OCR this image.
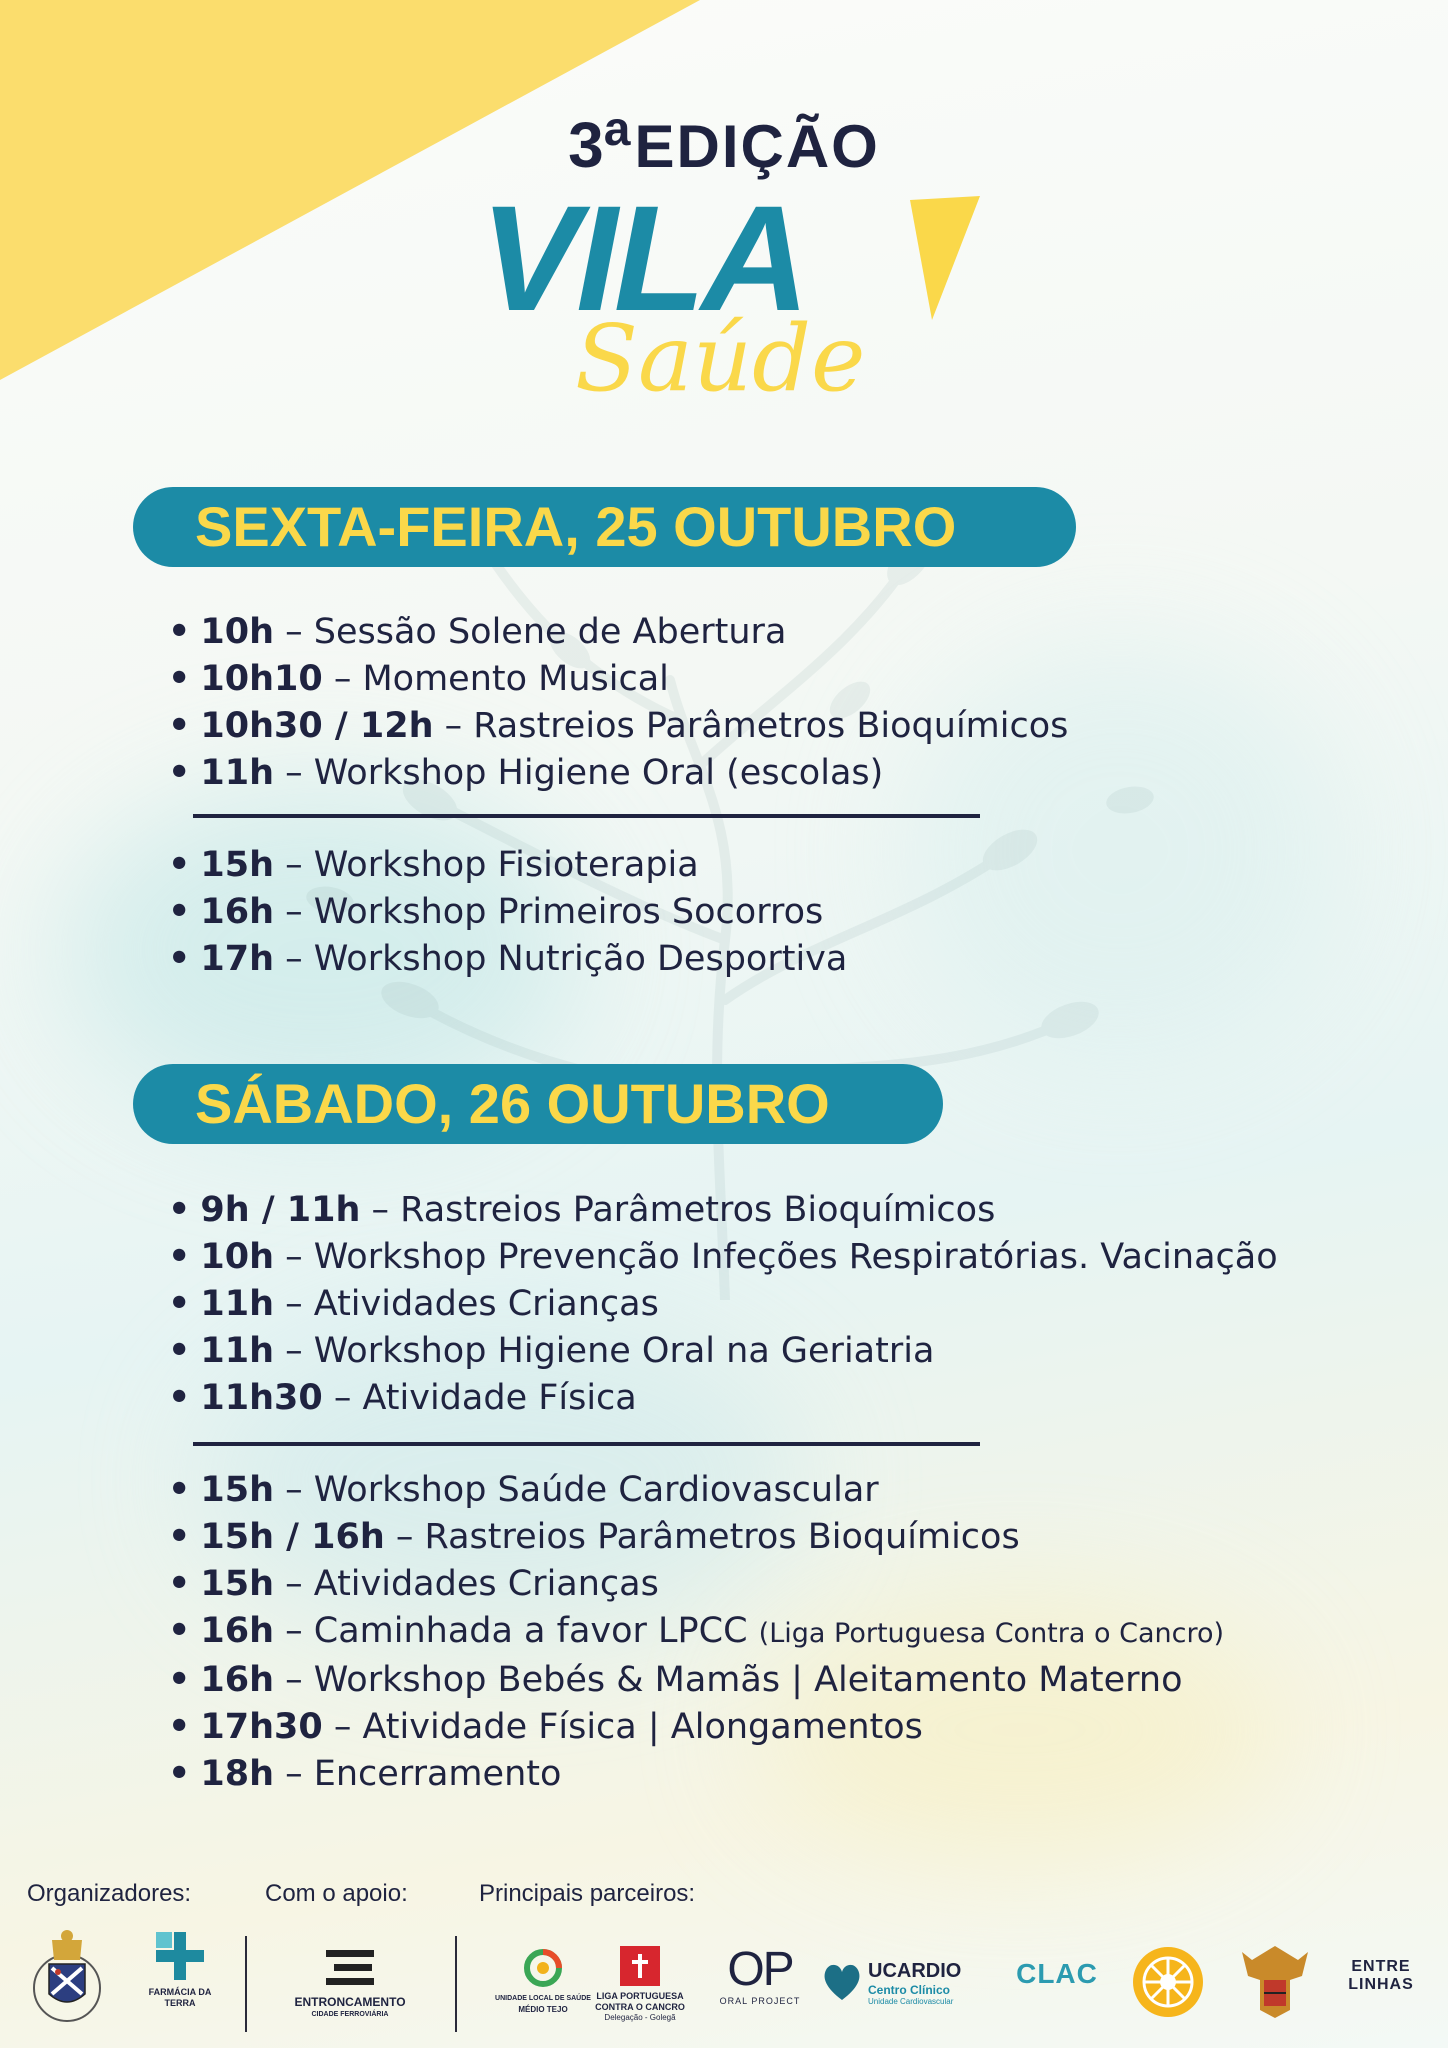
3aEDIÇÃO
VILA
Saúde
SEXTA-FEIRA, 25 OUTUBRO
• 10h – Sessão Solene de Abertura
• 10h10 – Momento Musical
• 10h30 / 12h – Rastreios Parâmetros Bioquímicos
• 11h – Workshop Higiene Oral (escolas)
• 15h – Workshop Fisioterapia
• 16h – Workshop Primeiros Socorros
• 17h – Workshop Nutrição Desportiva
SÁBADO, 26 OUTUBRO
• 9h / 11h – Rastreios Parâmetros Bioquímicos
• 10h – Workshop Prevenção Infeções Respiratórias. Vacinação
• 11h – Atividades Crianças
• 11h – Workshop Higiene Oral na Geriatria
• 11h30 – Atividade Física
• 15h – Workshop Saúde Cardiovascular
• 15h / 16h – Rastreios Parâmetros Bioquímicos
• 15h – Atividades Crianças
• 16h – Caminhada a favor LPCC (Liga Portuguesa Contra o Cancro)
• 16h – Workshop Bebés & Mamãs | Aleitamento Materno
• 17h30 – Atividade Física | Alongamentos
• 18h – Encerramento
Organizadores:	Com o apoio:	Principais parceiros:
FARMÁCIA DA TERRA	ENTRONCAMENTO
CIDADE FERROVIÁRIA
UNIDADE LOCAL DE SAÚDE
MÉDIO TEJO
LIGA PORTUGUESA
CONTRA O CANCRO
Delegação - Golegã
OP
ORAL PROJECT
UCARDIO
Centro Clínico
Unidade Cardiovascular
CLAC	ENTRE
LINHAS
